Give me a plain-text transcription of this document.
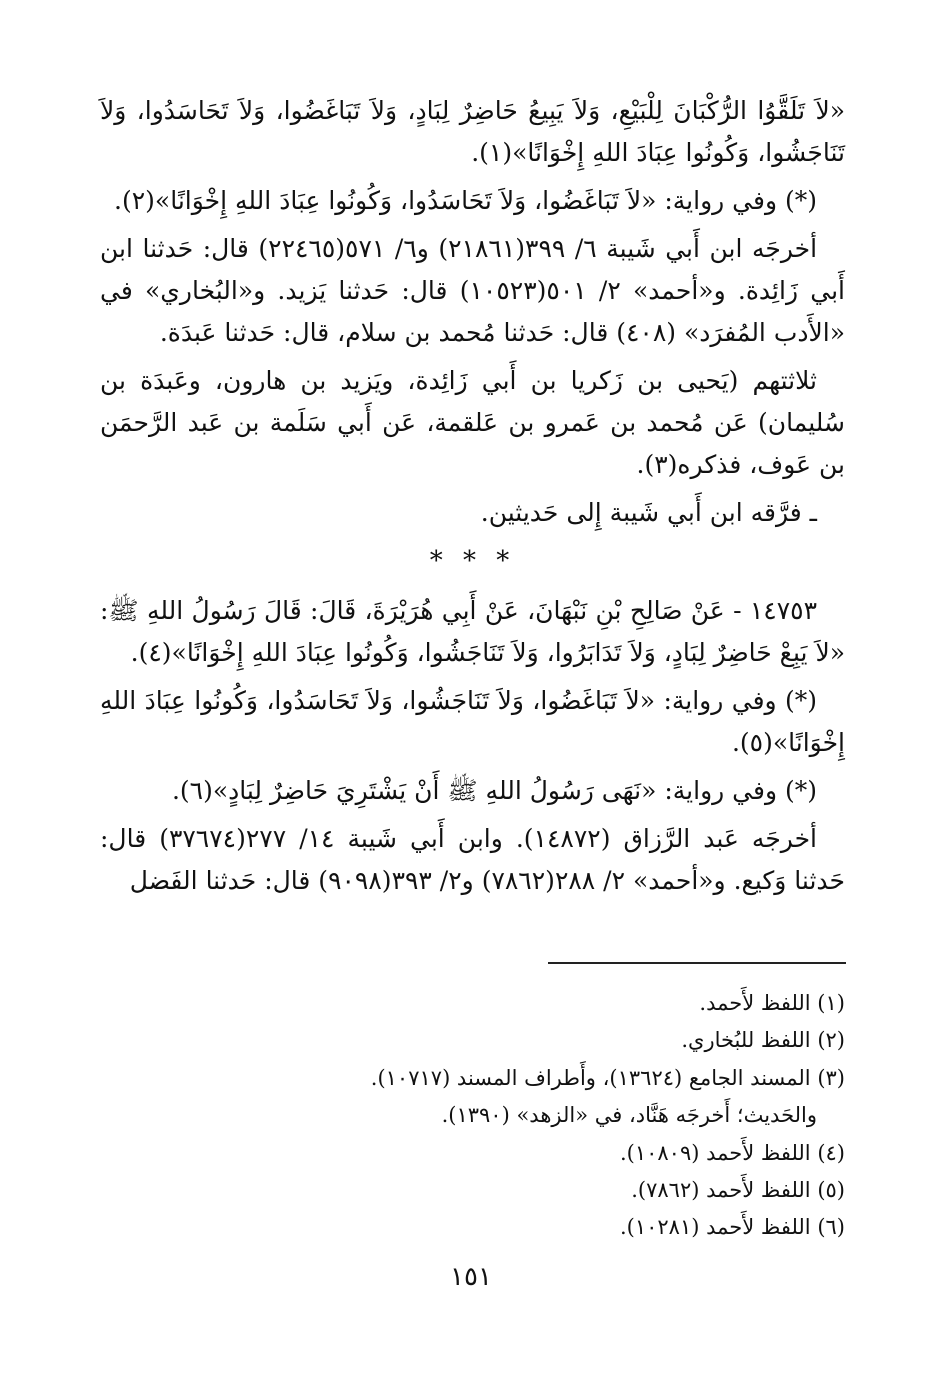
«لاَ تَلَقَّوُا الرُّكْبَانَ لِلْبَيْعِ، وَلاَ يَبِيعُ حَاضِرٌ لِبَادٍ، وَلاَ تَبَاغَضُوا، وَلاَ تَحَاسَدُوا، وَلاَ تَنَاجَشُوا، وَكُونُوا عِبَادَ اللهِ إِخْوَانًا»(١).

(*) وفي رواية: «لاَ تَبَاغَضُوا، وَلاَ تَحَاسَدُوا، وَكُونُوا عِبَادَ اللهِ إِخْوَانًا»(٢).

أخرجَه ابن أَبي شَيبة ٦/ ٣٩٩(٢١٨٦١) و٦/ ٥٧١(٢٢٤٦٥) قال: حَدثنا ابن أَبي زَائِدة. و«أحمد» ٢/ ٥٠١(١٠٥٢٣) قال: حَدثنا يَزيد. و«البُخاري» في «الأَدب المُفرَد» (٤٠٨) قال: حَدثنا مُحمد بن سلام، قال: حَدثنا عَبدَة.

ثلاثتهم (يَحيى بن زَكريا بن أَبي زَائِدة، ويَزيد بن هارون، وعَبدَة بن سُليمان) عَن مُحمد بن عَمرو بن عَلقمة، عَن أَبي سَلَمة بن عَبد الرَّحمَن بن عَوف، فذكره(٣).

ـ فرَّقه ابن أَبي شَيبة إِلى حَديثين.

* * *

١٤٧٥٣ - عَنْ صَالِحِ بْنِ نَبْهَانَ، عَنْ أَبِي هُرَيْرَةَ، قَالَ: قَالَ رَسُولُ اللهِ ﷺ: «لاَ يَبِعْ حَاضِرٌ لِبَادٍ، وَلاَ تَدَابَرُوا، وَلاَ تَنَاجَشُوا، وَكُونُوا عِبَادَ اللهِ إِخْوَانًا»(٤).

(*) وفي رواية: «لاَ تَبَاغَضُوا، وَلاَ تَنَاجَشُوا، وَلاَ تَحَاسَدُوا، وَكُونُوا عِبَادَ اللهِ إِخْوَانًا»(٥).

(*) وفي رواية: «نَهَى رَسُولُ اللهِ ﷺ أَنْ يَشْتَرِيَ حَاضِرٌ لِبَادٍ»(٦).

أخرجَه عَبد الرَّزاق (١٤٨٧٢). وابن أَبي شَيبة ١٤/ ٢٧٧(٣٧٦٧٤) قال: حَدثنا وَكيع. و«أحمد» ٢/ ٢٨٨(٧٨٦٢) و٢/ ٣٩٣(٩٠٩٨) قال: حَدثنا الفَضل

(١) اللفظ لأَحمد.

(٢) اللفظ للبُخاري.

(٣) المسند الجامع (١٣٦٢٤)، وأَطراف المسند (١٠٧١٧).

والحَديث؛ أَخرجَه هَنَّاد، في «الزهد» (١٣٩٠).

(٤) اللفظ لأَحمد (١٠٨٠٩).

(٥) اللفظ لأَحمد (٧٨٦٢).

(٦) اللفظ لأَحمد (١٠٢٨١).

١٥١
